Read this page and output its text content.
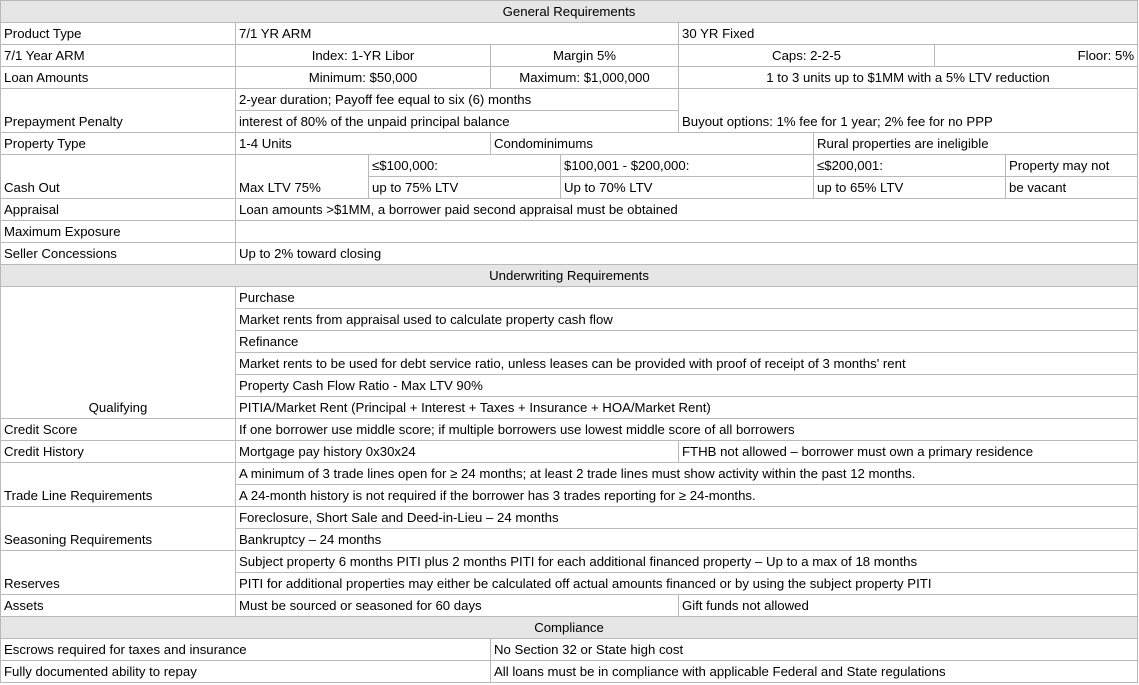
General Requirements								
Product Type	7/1 YR ARM				30 YR Fixed			
7/1 Year ARM	Index: 1-YR Libor		Margin 5%		Caps: 2-2-5		Floor: 5%	
Loan Amounts	Minimum: $50,000		Maximum: $1,000,000		1 to 3 units up to $1MM with a 5% LTV reduction			
Prepayment Penalty	2-year duration; Payoff fee equal to six (6) months				Buyout options: 1% fee for 1 year; 2% fee for no PPP			
	interest of 80% of the unpaid principal balance							
Property Type	1-4 Units		Condominimums			Rural properties are ineligible		
Cash Out	Max LTV 75%	≤$100,000:		$100,001 - $200,000:		≤$200,001:		Property may not
		up to 75% LTV		Up to 70% LTV		up to 65% LTV		be vacant
Appraisal	Loan amounts >$1MM, a borrower paid second appraisal must be obtained							
Maximum Exposure								
Seller Concessions	Up to 2% toward closing							
Underwriting Requirements								
Qualifying	Purchase							
	Market rents from appraisal used to calculate property cash flow							
	Refinance							
	Market rents to be used for debt service ratio, unless leases can be provided with proof of receipt of 3 months' rent							
	Property Cash Flow Ratio - Max LTV 90%							
	PITIA/Market Rent (Principal + Interest + Taxes + Insurance + HOA/Market Rent)							
Credit Score	If one borrower use middle score; if multiple borrowers use lowest middle score of all borrowers							
Credit History	Mortgage pay history 0x30x24				FTHB not allowed – borrower must own a primary residence			
Trade Line Requirements	A minimum of 3 trade lines open for ≥ 24 months; at least 2 trade lines must show activity within the past 12 months.							
	A 24-month history is not required if the borrower has 3 trades reporting for ≥ 24-months.							
Seasoning Requirements	Foreclosure, Short Sale and Deed-in-Lieu – 24 months							
	Bankruptcy – 24 months							
Reserves	Subject property 6 months PITI plus 2 months PITI for each additional financed property – Up to a max of 18 months							
	PITI for additional properties may either be calculated off actual amounts financed or by using the subject property PITI							
Assets	Must be sourced or seasoned for 60 days				Gift funds not allowed			
Compliance								
Escrows required for taxes and insurance			No Section 32 or State high cost					
Fully documented ability to repay			All loans must be in compliance with applicable Federal and State regulations					
